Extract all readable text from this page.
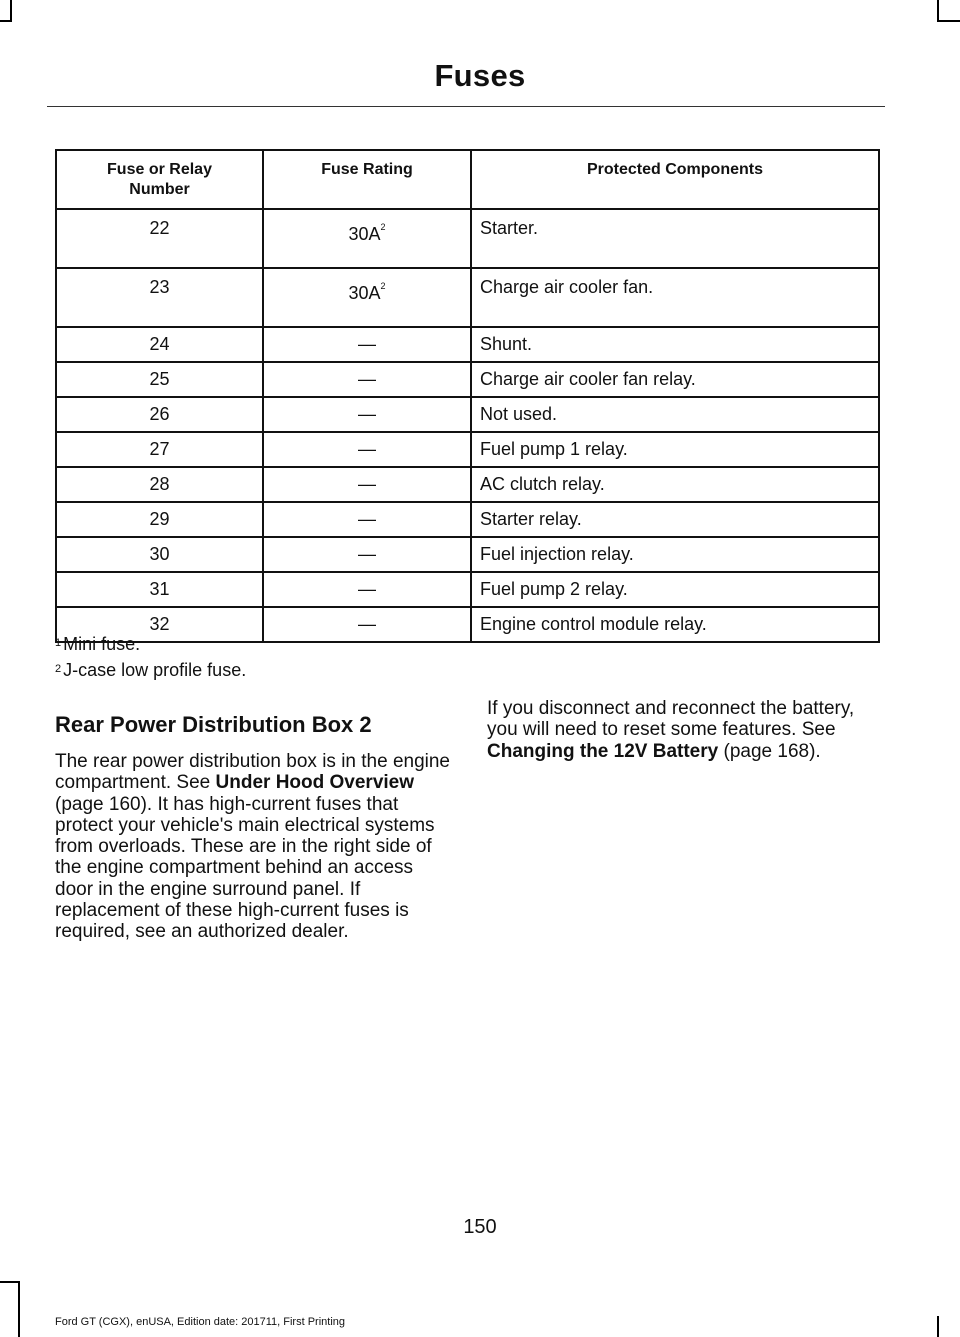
Fuses
Fuse or Relay
Number	Fuse Rating	Protected Components
22	$30A^2$	Starter.
23	$30A^2$	Charge air cooler fan.
24	—	Shunt.
25	—	Charge air cooler fan relay.
26	—	Not used.
27	—	Fuel pump 1 relay.
28	—	AC clutch relay.
29	—	Starter relay.
30	—	Fuel injection relay.
31	—	Fuel pump 2 relay.
32	—	Engine control module relay.
$^1$ Mini fuse.
$^2$ J-case low profile fuse.
Rear Power Distribution Box 2
The rear power distribution box is in the engine compartment. See Under Hood Overview (page 160). It has high-current fuses that protect your vehicle's main electrical systems from overloads. These are in the right side of the engine compartment behind an access door in the engine surround panel. If replacement of these high-current fuses is required, see an authorized dealer.
If you disconnect and reconnect the battery, you will need to reset some features. See Changing the 12V Battery (page 168).
150
Ford GT (CGX), enUSA, Edition date: 201711, First Printing
